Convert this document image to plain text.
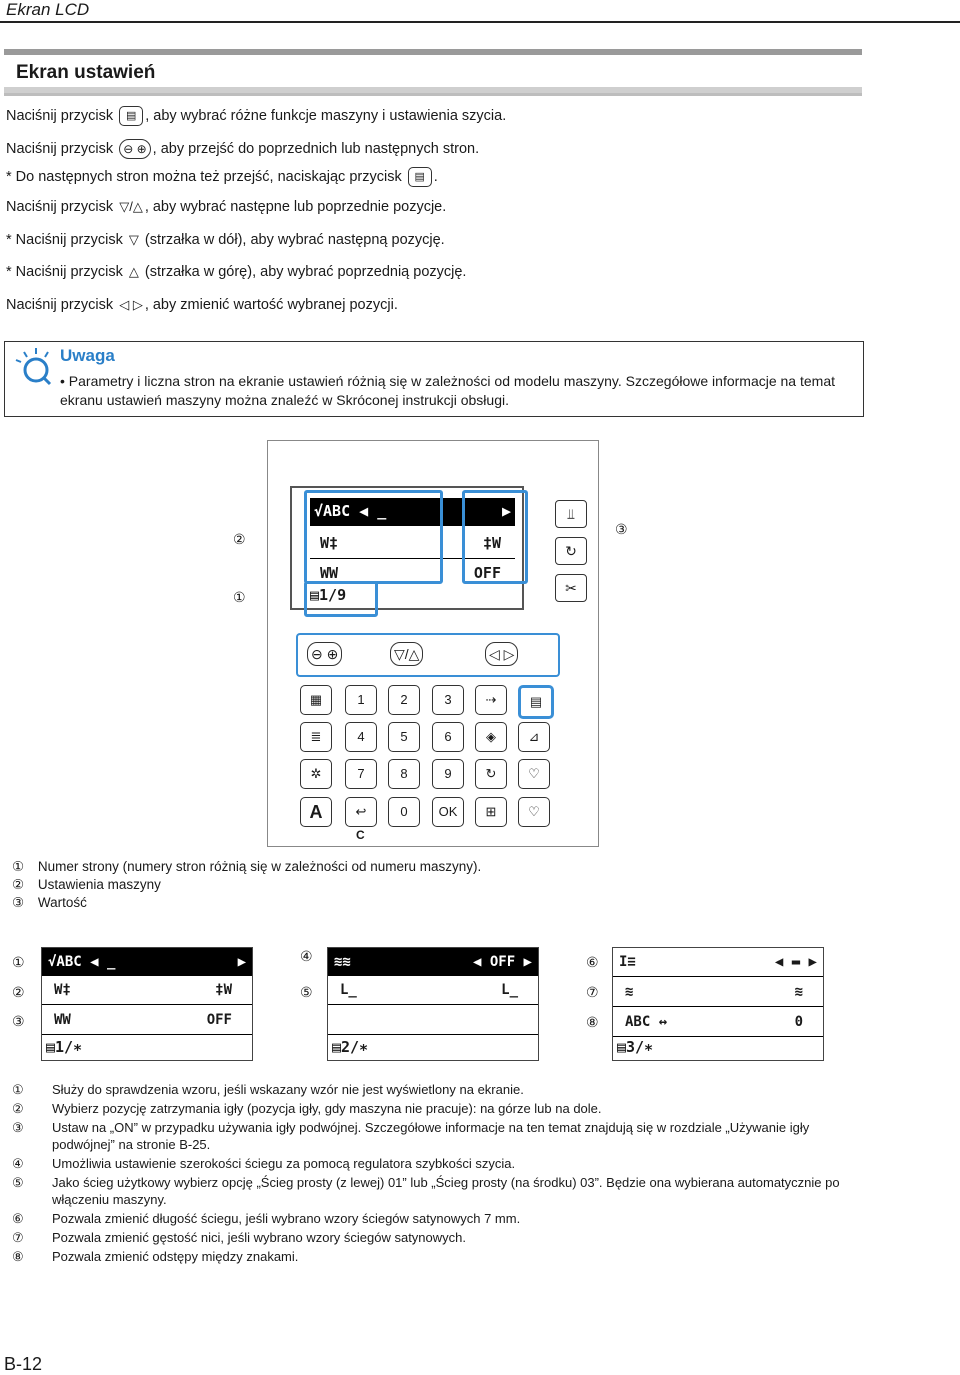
Ekran LCD
Ekran ustawień
Naciśnij przycisk ▤ , aby wybrać różne funkcje maszyny i ustawienia szycia.
Naciśnij przycisk ⊖ ⊕ , aby przejść do poprzednich lub następnych stron.
* Do następnych stron można też przejść, naciskając przycisk ▤ .
Naciśnij przycisk ▽/△ , aby wybrać następne lub poprzednie pozycje.
* Naciśnij przycisk ▽ (strzałka w dół), aby wybrać następną pozycję.
* Naciśnij przycisk △ (strzałka w górę), aby wybrać poprzednią pozycję.
Naciśnij przycisk ◁ ▷ , aby zmienić wartość wybranej pozycji.
Uwaga
• Parametry i liczna stron na ekranie ustawień różnią się w zależności od modelu maszyny. Szczegółowe informacje na temat ekranu ustawień maszyny można znaleźć w Skróconej instrukcji obsługi.
√ABC ◀ _	▶
W‡	‡W
WW	OFF
▤1/9
②
①
③
⫫
↻
✂
⊖ ⊕	▽/△	◁ ▷
▦	1	2	3	⇢	▤
≣	4	5	6	◈	⊿
✲	7	8	9	↻	♡
A	↩	0	OK	⊞	♡
C
① Numer strony (numery stron różnią się w zależności od numeru maszyny).
② Ustawienia maszyny
③ Wartość
√ABC ◀ _	▶
W‡	‡W
WW	OFF
▤1/∗
①
②
③
≋≋	◀ OFF ▶
L_	L_
▤2/∗
④
⑤
I≡	◀ ▬ ▶
≋	≋
ABC ↔	0
▤3/∗
⑥
⑦
⑧
①	Służy do sprawdzenia wzoru, jeśli wskazany wzór nie jest wyświetlony na ekranie.
②	Wybierz pozycję zatrzymania igły (pozycja igły, gdy maszyna nie pracuje): na górze lub na dole.
③	Ustaw na „ON” w przypadku używania igły podwójnej. Szczegółowe informacje na ten temat znajdują się w rozdziale „Używanie igły podwójnej” na stronie B-25.
④	Umożliwia ustawienie szerokości ściegu za pomocą regulatora szybkości szycia.
⑤	Jako ścieg użytkowy wybierz opcję „Ścieg prosty (z lewej) 01” lub „Ścieg prosty (na środku) 03”. Będzie ona wybierana automatycznie po włączeniu maszyny.
⑥	Pozwala zmienić długość ściegu, jeśli wybrano wzory ściegów satynowych 7 mm.
⑦	Pozwala zmienić gęstość nici, jeśli wybrano wzory ściegów satynowych.
⑧	Pozwala zmienić odstępy między znakami.
B-12
